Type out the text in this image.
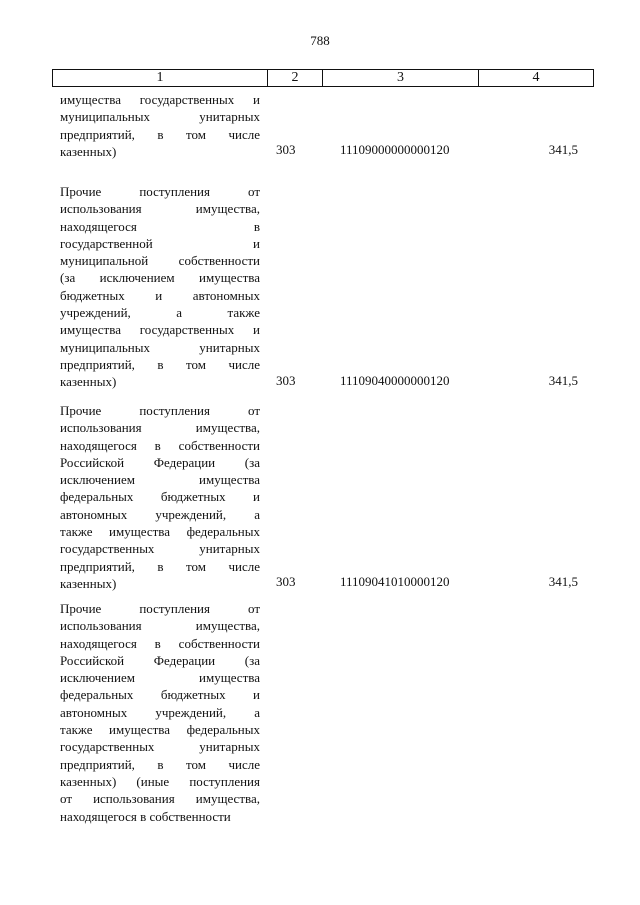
788
1	2	3	4
имущества государственных и
муниципальных унитарных
предприятий, в том числе
казенных)	303	11109000000000120	341,5
Прочие поступления от
использования имущества,
находящегося в
государственной и
муниципальной собственности
(за исключением имущества
бюджетных и автономных
учреждений, а также
имущества государственных и
муниципальных унитарных
предприятий, в том числе
казенных)	303	11109040000000120	341,5
Прочие поступления от
использования имущества,
находящегося в собственности
Российской Федерации (за
исключением имущества
федеральных бюджетных и
автономных учреждений, а
также имущества федеральных
государственных унитарных
предприятий, в том числе
казенных)	303	11109041010000120	341,5
Прочие поступления от
использования имущества,
находящегося в собственности
Российской Федерации (за
исключением имущества
федеральных бюджетных и
автономных учреждений, а
также имущества федеральных
государственных унитарных
предприятий, в том числе
казенных) (иные поступления
от использования имущества,
находящегося в собственности
